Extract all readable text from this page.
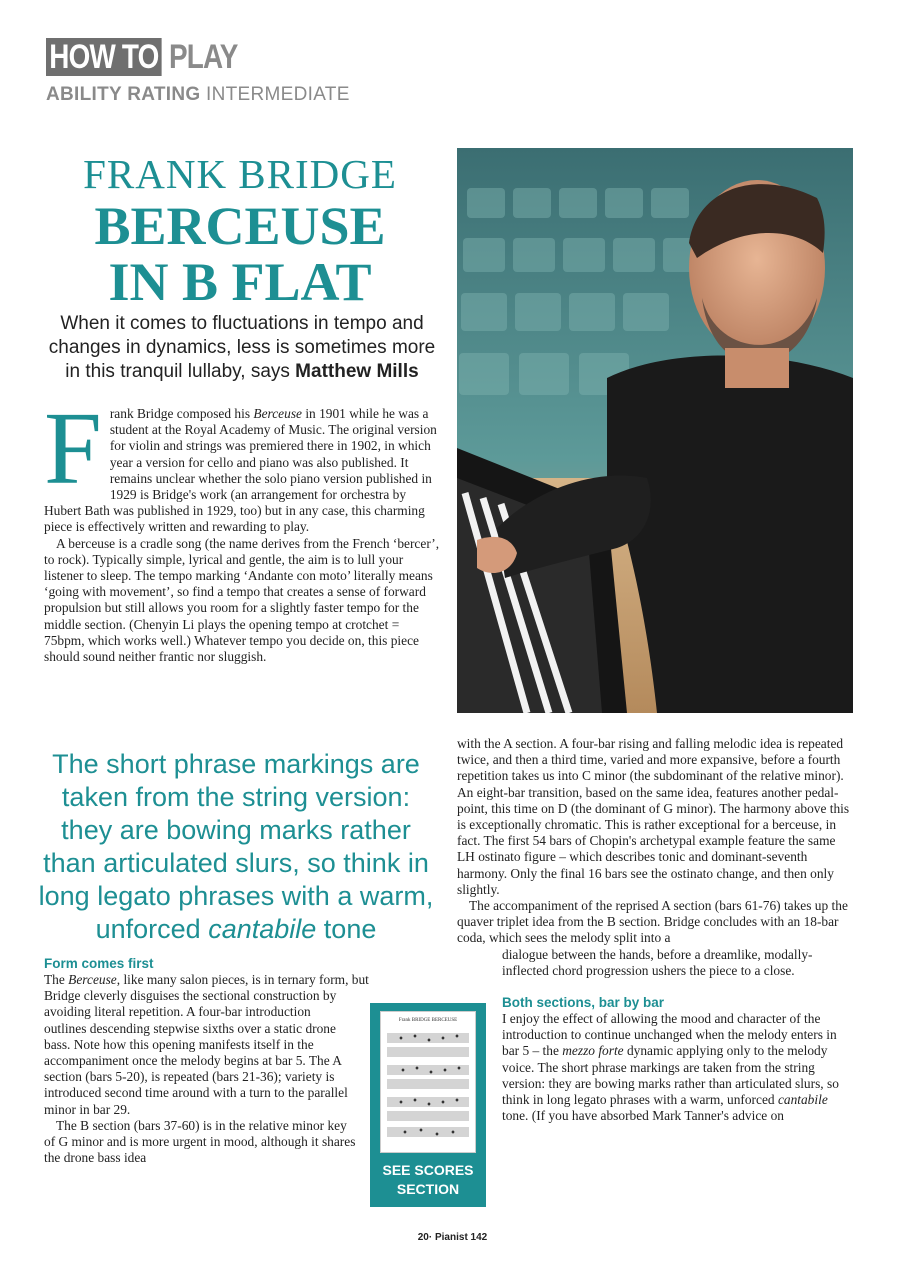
HOW TO PLAY
ABILITY RATING INTERMEDIATE
FRANK BRIDGE
BERCEUSE
IN B FLAT
When it comes to fluctuations in tempo and changes in dynamics, less is sometimes more in this tranquil lullaby, says Matthew Mills
F rank Bridge composed his Berceuse in 1901 while he was a student at the Royal Academy of Music. The original version for violin and strings was premiered there in 1902, in which year a version for cello and piano was also published. It remains unclear whether the solo piano version published in 1929 is Bridge's work (an arrangement for orchestra by Hubert Bath was published in 1929, too) but in any case, this charming piece is effectively written and rewarding to play.

A berceuse is a cradle song (the name derives from the French ‘bercer’, to rock). Typically simple, lyrical and gentle, the aim is to lull your listener to sleep. The tempo marking ‘Andante con moto’ literally means ‘going with movement’, so find a tempo that creates a sense of forward propulsion but still allows you room for a slightly faster tempo for the middle section. (Chenyin Li plays the opening tempo at crotchet = 75bpm, which works well.) Whatever tempo you decide on, this piece should sound neither frantic nor sluggish.

The short phrase markings are taken from the string version: they are bowing marks rather than articulated slurs, so think in long legato phrases with a warm, unforced cantabile tone
Form comes first

The Berceuse, like many salon pieces, is in ternary form, but

Bridge cleverly disguises the sectional construction by avoiding literal repetition. A four-bar introduction outlines descending stepwise sixths over a static drone bass. Note how this opening manifests itself in the accompaniment once the melody begins at bar 5. The A section (bars 5-20), is repeated (bars 21-36); variety is introduced second time around with a turn to the parallel minor in bar 29.

The B section (bars 37-60) is in the relative minor key of G minor and is more urgent in mood, although it shares the drone bass idea

Frank BRIDGE BERCEUSE
SEE SCORES
SECTION

with the A section. A four-bar rising and falling melodic idea is repeated twice, and then a third time, varied and more expansive, before a fourth repetition takes us into C minor (the subdominant of the relative minor). An eight-bar transition, based on the same idea, features another pedal-point, this time on D (the dominant of G minor). The harmony above this is exceptionally chromatic. This is rather exceptional for a berceuse, in fact. The first 54 bars of Chopin's archetypal example feature the same LH ostinato figure – which describes tonic and dominant-seventh harmony. Only the final 16 bars see the ostinato change, and then only slightly.

The accompaniment of the reprised A section (bars 61-76) takes up the quaver triplet idea from the B section. Bridge concludes with an 18-bar coda, which sees the melody split into a

dialogue between the hands, before a dreamlike, modally-inflected chord progression ushers the piece to a close.

Both sections, bar by bar

I enjoy the effect of allowing the mood and character of the introduction to continue unchanged when the melody enters in bar 5 – the mezzo forte dynamic applying only to the melody voice. The short phrase markings are taken from the string version: they are bowing marks rather than articulated slurs, so think in long legato phrases with a warm, unforced cantabile tone. (If you have absorbed Mark Tanner's advice on

20· Pianist 142
